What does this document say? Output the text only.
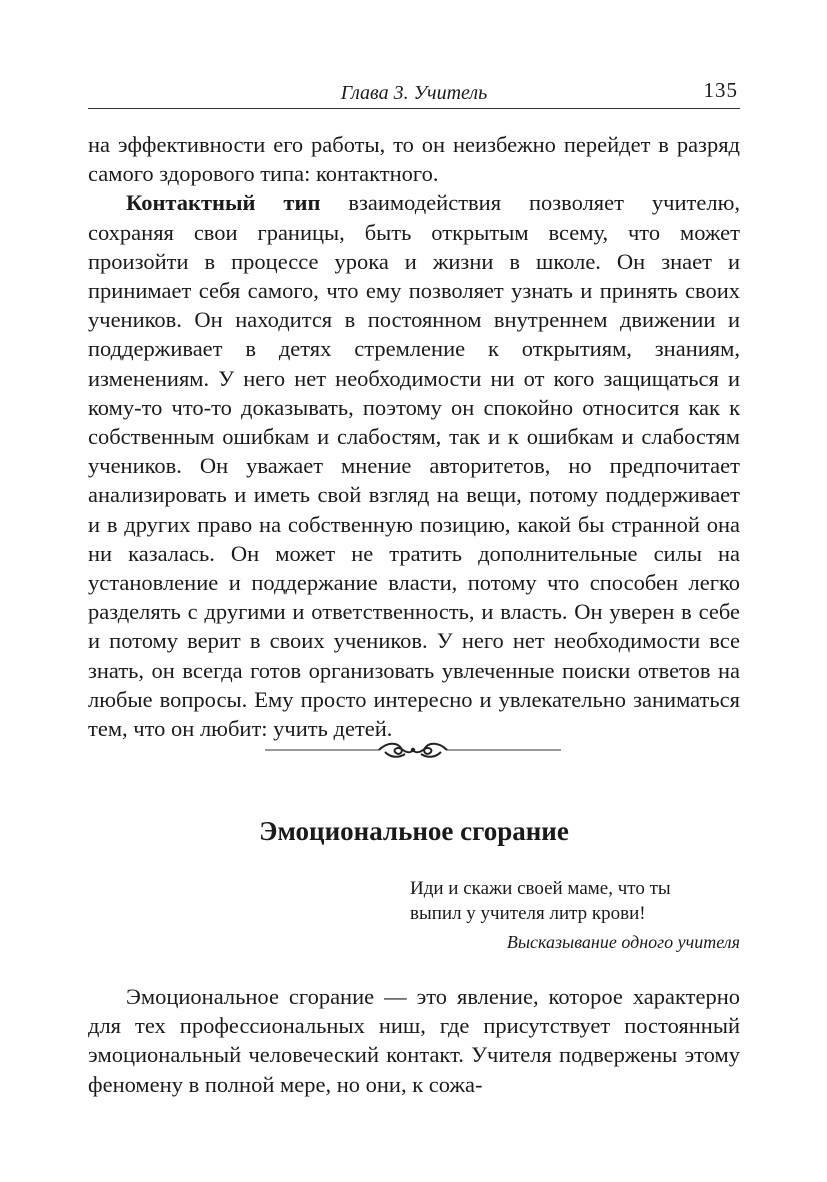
Глава 3. Учитель	135

на эффективности его работы, то он неизбежно перейдет в разряд самого здорового типа: контактного.

Контактный тип взаимодействия позволяет учителю, сохраняя свои границы, быть открытым всему, что может произойти в процессе урока и жизни в школе. Он знает и принимает себя самого, что ему позволяет узнать и принять своих учеников. Он находится в постоянном внутреннем движении и поддерживает в детях стремление к открытиям, знаниям, изменениям. У него нет необходимости ни от кого защищаться и кому-то что-то доказывать, поэтому он спокойно относится как к собственным ошибкам и слабостям, так и к ошибкам и слабостям учеников. Он уважает мнение авторитетов, но предпочитает анализировать и иметь свой взгляд на вещи, потому поддерживает и в других право на собственную позицию, какой бы странной она ни казалась. Он может не тратить дополнительные силы на установление и поддержание власти, потому что способен легко разделять с другими и ответственность, и власть. Он уверен в себе и потому верит в своих учеников. У него нет необходимости все знать, он всегда готов организовать увлеченные поиски ответов на любые вопросы. Ему просто интересно и увлекательно заниматься тем, что он любит: учить детей.

Эмоциональное сгорание
Иди и скажи своей маме, что ты
выпил у учителя литр крови!
Высказывание одного учителя

Эмоциональное сгорание — это явление, которое характерно для тех профессиональных ниш, где присутствует постоянный эмоциональный человеческий контакт. Учителя подвержены этому феномену в полной мере, но они, к сожа-
